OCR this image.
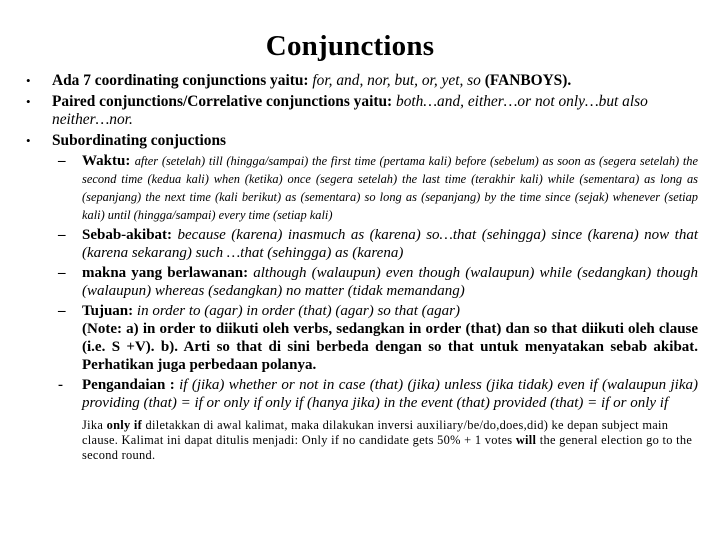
Conjunctions
•	Ada 7 coordinating conjunctions yaitu: for, and, nor, but, or, yet, so (FANBOYS).
•	Paired conjunctions/Correlative conjunctions yaitu: both…and, either…or not only…but also neither…nor.
•	Subordinating conjuctions
–	Waktu: after (setelah) till (hingga/sampai) the first time (pertama kali) before (sebelum) as soon as (segera setelah) the second time (kedua kali) when (ketika) once (segera setelah) the last time (terakhir kali) while (sementara) as long as (sepanjang) the next time (kali berikut) as (sementara) so long as (sepanjang) by the time since (sejak) whenever (setiap kali) until (hingga/sampai) every time (setiap kali)
–	Sebab-akibat: because (karena) inasmuch as (karena) so…that (sehingga) since (karena) now that (karena sekarang) such …that (sehingga) as (karena)
–	makna yang berlawanan: although (walaupun) even though (walaupun) while (sedangkan) though (walaupun) whereas (sedangkan) no matter (tidak memandang)
–	Tujuan: in order to (agar) in order (that) (agar) so that (agar)
(Note: a) in order to diikuti oleh verbs, sedangkan in order (that) dan so that diikuti oleh clause (i.e. S +V). b). Arti so that di sini berbeda dengan so that untuk menyatakan sebab akibat. Perhatikan juga perbedaan polanya.
-	Pengandaian : if (jika) whether or not in case (that) (jika) unless (jika tidak) even if (walaupun jika) providing (that) = if or only if only if (hanya jika) in the event (that) provided (that) = if or only if
Jika only if diletakkan di awal kalimat, maka dilakukan inversi auxiliary/be/do,does,did) ke depan subject main clause. Kalimat ini dapat ditulis menjadi: Only if no candidate gets 50% + 1 votes will the general election go to the second round.
